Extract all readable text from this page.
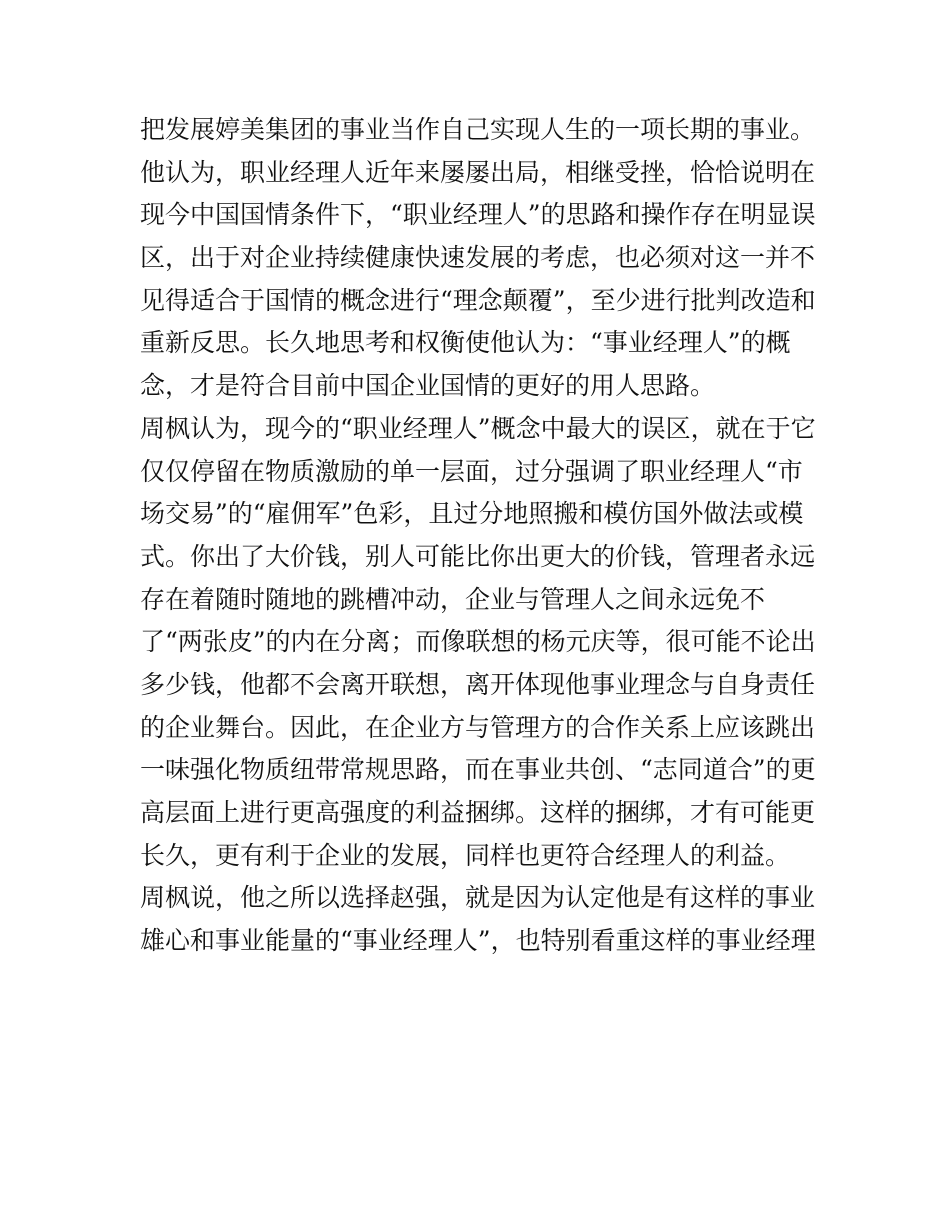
把发展婷美集团的事业当作自己实现人生的一项长期的事业。
他认为，职业经理人近年来屡屡出局，相继受挫，恰恰说明在
现今中国国情条件下，“职业经理人”的思路和操作存在明显误
区，出于对企业持续健康快速发展的考虑，也必须对这一并不
见得适合于国情的概念进行“理念颠覆”，至少进行批判改造和
重新反思。长久地思考和权衡使他认为：“事业经理人”的概
念，才是符合目前中国企业国情的更好的用人思路。
周枫认为，现今的“职业经理人”概念中最大的误区，就在于它
仅仅停留在物质激励的单一层面，过分强调了职业经理人“市
场交易”的“雇佣军”色彩，且过分地照搬和模仿国外做法或模
式。你出了大价钱，别人可能比你出更大的价钱，管理者永远
存在着随时随地的跳槽冲动，企业与管理人之间永远免不
了“两张皮”的内在分离；而像联想的杨元庆等，很可能不论出
多少钱，他都不会离开联想，离开体现他事业理念与自身责任
的企业舞台。因此，在企业方与管理方的合作关系上应该跳出
一味强化物质纽带常规思路，而在事业共创、“志同道合”的更
高层面上进行更高强度的利益捆绑。这样的捆绑，才有可能更
长久，更有利于企业的发展，同样也更符合经理人的利益。
周枫说，他之所以选择赵强，就是因为认定他是有这样的事业
雄心和事业能量的“事业经理人”，也特别看重这样的事业经理
